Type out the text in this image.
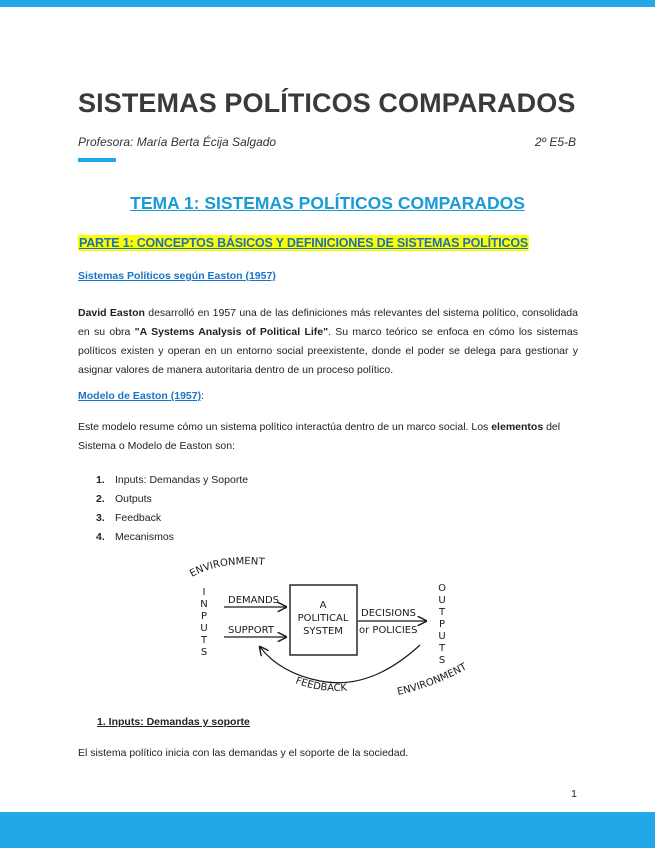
SISTEMAS POLÍTICOS COMPARADOS
Profesora: María Berta Écija Salgado	2º E5-B
TEMA 1: SISTEMAS POLÍTICOS COMPARADOS
PARTE 1: CONCEPTOS BÁSICOS Y DEFINICIONES DE SISTEMAS POLÍTICOS
Sistemas Políticos según Easton (1957)
David Easton desarrolló en 1957 una de las definiciones más relevantes del sistema político, consolidada en su obra "A Systems Analysis of Political Life". Su marco teórico se enfoca en cómo los sistemas políticos existen y operan en un entorno social preexistente, donde el poder se delega para gestionar y asignar valores de manera autoritaria dentro de un proceso político.
Modelo de Easton (1957):
Este modelo resume cómo un sistema político interactúa dentro de un marco social. Los elementos del Sistema o Modelo de Easton son:
1. Inputs: Demandas y Soporte
2. Outputs
3. Feedback
4. Mecanismos
ENVIRONMENT
I
N
P
U
T
S
DEMANDS
SUPPORT
A
POLITICAL
SYSTEM
DECISIONS
or POLICIES
O
U
T
P
U
T
S
FEEDBACK	ENVIRONMENT
1. Inputs: Demandas y soporte
El sistema político inicia con las demandas y el soporte de la sociedad.
1
